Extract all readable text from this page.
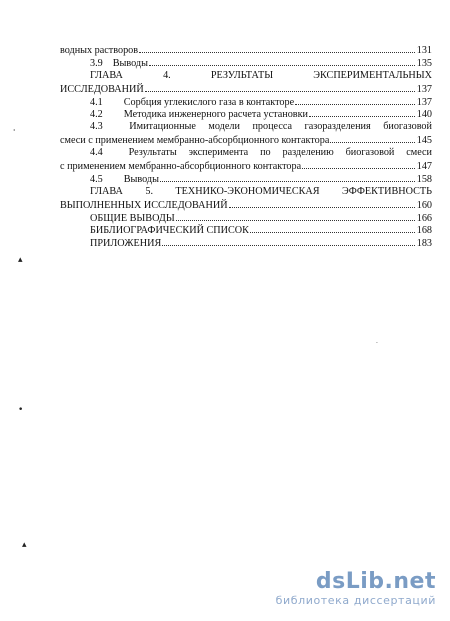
водных растворов	131
3.9 Выводы	135
ГЛАВА	4.	РЕЗУЛЬТАТЫ	ЭКСПЕРИМЕНТАЛЬНЫХ
ИССЛЕДОВАНИЙ	137
4.1	Сорбция углекислого газа в контакторе	137
4.2	Методика инженерного расчета установки	140
4.3	Имитационные модели процесса газоразделения биогазовой
смеси с применением мембранно-абсорбционного контактора	145
4.4	Результаты эксперимента по разделению биогазовой смеси
с применением мембранно-абсорбционного контактора	147
4.5	Выводы	158
ГЛАВА 5. ТЕХНИКО-ЭКОНОМИЧЕСКАЯ ЭФФЕКТИВНОСТЬ
ВЫПОЛНЕННЫХ ИССЛЕДОВАНИЙ	160
ОБЩИЕ ВЫВОДЫ	166
БИБЛИОГРАФИЧЕСКИЙ СПИСОК	168
ПРИЛОЖЕНИЯ	183
⸳
▴
•
▴
·
dsLib.net
библиотека диссертаций
